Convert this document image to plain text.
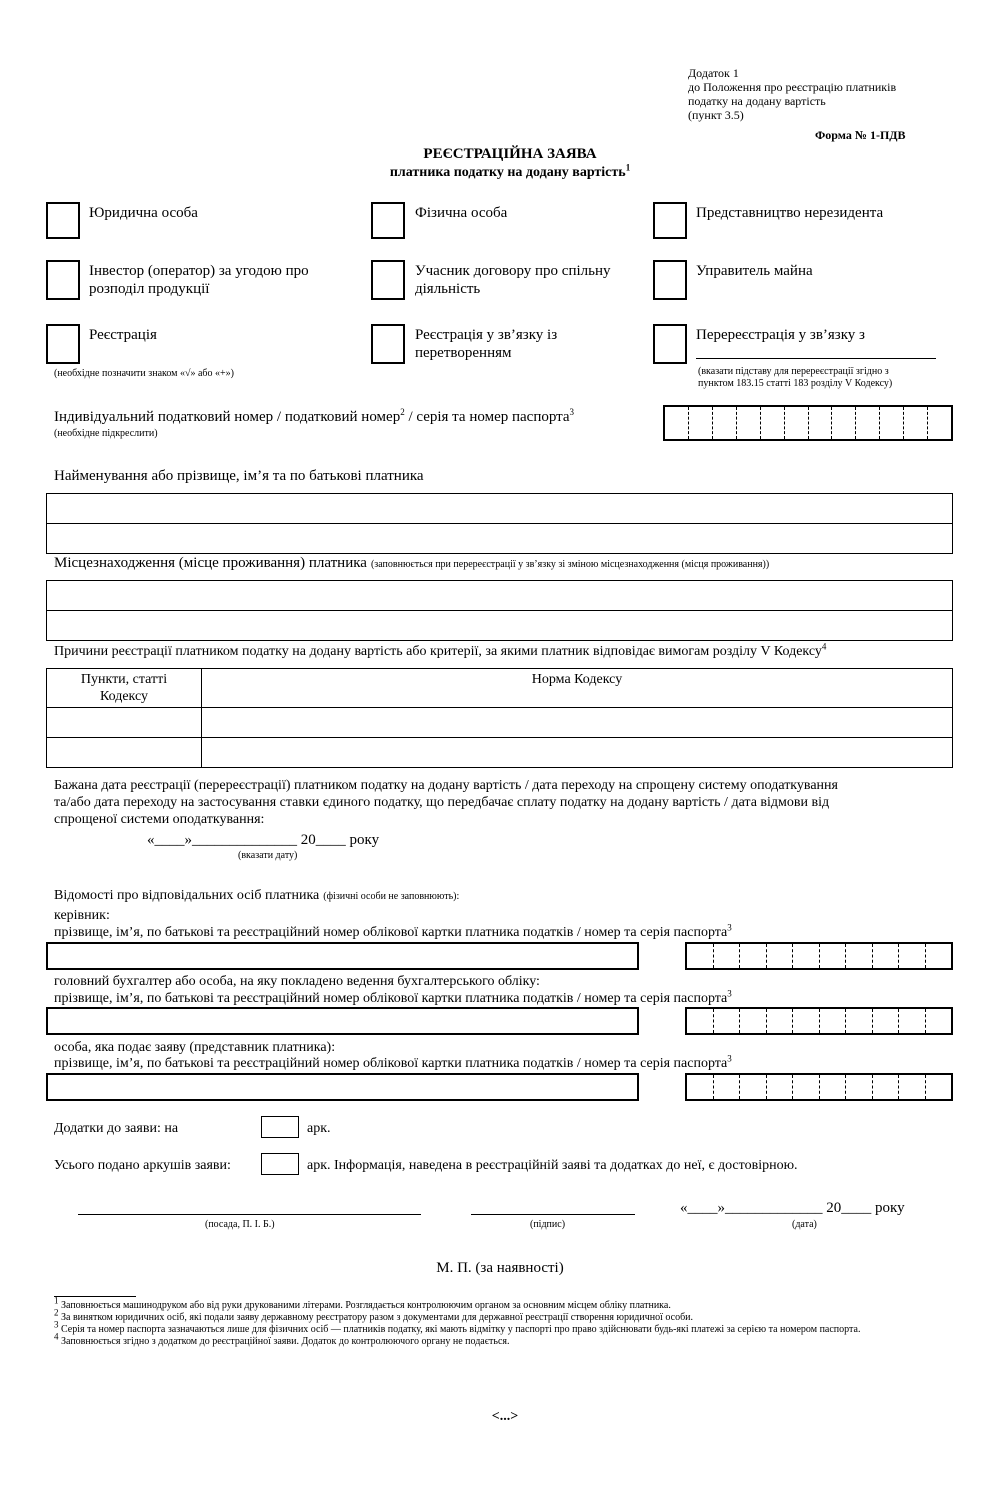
Додаток 1
до Положення про реєстрацію платників
податку на додану вартість
(пункт 3.5)
Форма № 1-ПДВ
РЕЄСТРАЦІЙНА ЗАЯВА
платника податку на додану вартість$^1$
Юридична особа	Фізична особа	Представництво нерезидента
Інвестор (оператор) за угодою про
розподіл продукції
Учасник договору про спільну
діяльність
Управитель майна
Реєстрація
(необхідне позначити знаком «√» або «+»)
Реєстрація у зв’язку із
перетворенням
Перереєстрація у зв’язку з
(вказати підставу для перереєстрації згідно з
пунктом 183.15 статті 183 розділу V Кодексу)
Індивідуальний податковий номер / податковий номер$^2$ / серія та номер паспорта$^3$
(необхідне підкреслити)
Найменування або прізвище, ім’я та по батькові платника
Місцезнаходження (місце проживання) платника (заповнюється при перереєстрації у зв’язку зі зміною місцезнаходження (місця проживання))
Причини реєстрації платником податку на додану вартість або критерії, за якими платник відповідає вимогам розділу V Кодексу$^4$
Пункти, статті
Кодексу	Норма Кодексу

Бажана дата реєстрації (перереєстрації) платником податку на додану вартість / дата переходу на спрощену систему оподаткування
та/або дата переходу на застосування ставки єдиного податку, що передбачає сплату податку на додану вартість / дата відмови від
спрощеної системи оподаткування:
«____»______________ 20____ року
(вказати дату)
Відомості про відповідальних осіб платника (фізичні особи не заповнюють):
керівник:
прізвище, ім’я, по батькові та реєстраційний номер облікової картки платника податків / номер та серія паспорта$^3$
головний бухгалтер або особа, на яку покладено ведення бухгалтерського обліку:
прізвище, ім’я, по батькові та реєстраційний номер облікової картки платника податків / номер та серія паспорта$^3$
особа, яка подає заяву (представник платника):
прізвище, ім’я, по батькові та реєстраційний номер облікової картки платника податків / номер та серія паспорта$^3$
Додатки до заяви: на	арк.
Усього подано аркушів заяви:	арк. Інформація, наведена в реєстраційній заяві та додатках до неї, є достовірною.
(посада, П. І. Б.)	(підпис)
«____»_____________ 20____ року
(дата)
М. П. (за наявності)
$^1$ Заповнюється машинодруком або від руки друкованими літерами. Розглядається контролюючим органом за основним місцем обліку платника.
$^2$ За винятком юридичних осіб, які подали заяву державному реєстратору разом з документами для державної реєстрації створення юридичної особи.
$^3$ Серія та номер паспорта зазначаються лише для фізичних осіб — платників податку, які мають відмітку у паспорті про право здійснювати будь-які платежі за серією та номером паспорта.
$^4$ Заповнюється згідно з додатком до реєстраційної заяви. Додаток до контролюючого органу не подається.
<...>
